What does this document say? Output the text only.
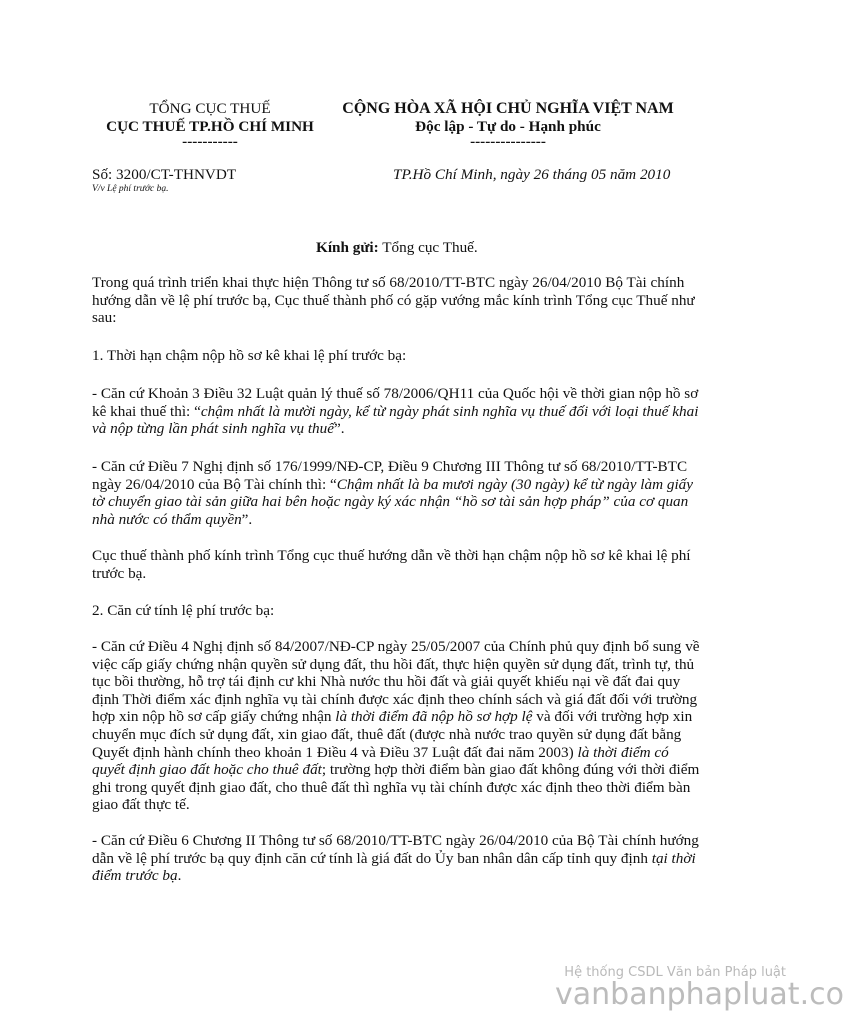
TỔNG CỤC THUẾ
CỤC THUẾ TP.HỒ CHÍ MINH
-----------
CỘNG HÒA XÃ HỘI CHỦ NGHĨA VIỆT NAM
Độc lập - Tự do - Hạnh phúc
---------------
Số: 3200/CT-THNVDT
V/v Lệ phí trước bạ.
TP.Hồ Chí Minh, ngày 26 tháng 05 năm 2010
Kính gửi: Tổng cục Thuế.

Trong quá trình triển khai thực hiện Thông tư số 68/2010/TT-BTC ngày 26/04/2010 Bộ Tài chính hướng dẫn về lệ phí trước bạ, Cục thuế thành phố có gặp vướng mắc kính trình Tổng cục Thuế như sau:

1. Thời hạn chậm nộp hồ sơ kê khai lệ phí trước bạ:

- Căn cứ Khoản 3 Điều 32 Luật quản lý thuế số 78/2006/QH11 của Quốc hội về thời gian nộp hồ sơ kê khai thuế thì: “chậm nhất là mười ngày, kể từ ngày phát sinh nghĩa vụ thuế đối với loại thuế khai và nộp từng lần phát sinh nghĩa vụ thuế”.

- Căn cứ Điều 7 Nghị định số 176/1999/NĐ-CP, Điều 9 Chương III Thông tư số 68/2010/TT-BTC ngày 26/04/2010 của Bộ Tài chính thì: “Chậm nhất là ba mươi ngày (30 ngày) kể từ ngày làm giấy tờ chuyển giao tài sản giữa hai bên hoặc ngày ký xác nhận “hồ sơ tài sản hợp pháp” của cơ quan nhà nước có thẩm quyền”.

Cục thuế thành phố kính trình Tổng cục thuế hướng dẫn về thời hạn chậm nộp hồ sơ kê khai lệ phí trước bạ.

2. Căn cứ tính lệ phí trước bạ:

- Căn cứ Điều 4 Nghị định số 84/2007/NĐ-CP ngày 25/05/2007 của Chính phủ quy định bổ sung về việc cấp giấy chứng nhận quyền sử dụng đất, thu hồi đất, thực hiện quyền sử dụng đất, trình tự, thủ tục bồi thường, hỗ trợ tái định cư khi Nhà nước thu hồi đất và giải quyết khiếu nại về đất đai quy định Thời điểm xác định nghĩa vụ tài chính được xác định theo chính sách và giá đất đối với trường hợp xin nộp hồ sơ cấp giấy chứng nhận là thời điểm đã nộp hồ sơ hợp lệ và đối với trường hợp xin chuyển mục đích sử dụng đất, xin giao đất, thuê đất (được nhà nước trao quyền sử dụng đất bằng Quyết định hành chính theo khoản 1 Điều 4 và Điều 37 Luật đất đai năm 2003) là thời điểm có quyết định giao đất hoặc cho thuê đất; trường hợp thời điểm bàn giao đất không đúng với thời điểm ghi trong quyết định giao đất, cho thuê đất thì nghĩa vụ tài chính được xác định theo thời điểm bàn giao đất thực tế.

- Căn cứ Điều 6 Chương II Thông tư số 68/2010/TT-BTC ngày 26/04/2010 của Bộ Tài chính hướng dẫn về lệ phí trước bạ quy định căn cứ tính là giá đất do Ủy ban nhân dân cấp tỉnh quy định tại thời điểm trước bạ.

Hệ thống CSDL Văn bản Pháp luật
vanbanphapluat.co
